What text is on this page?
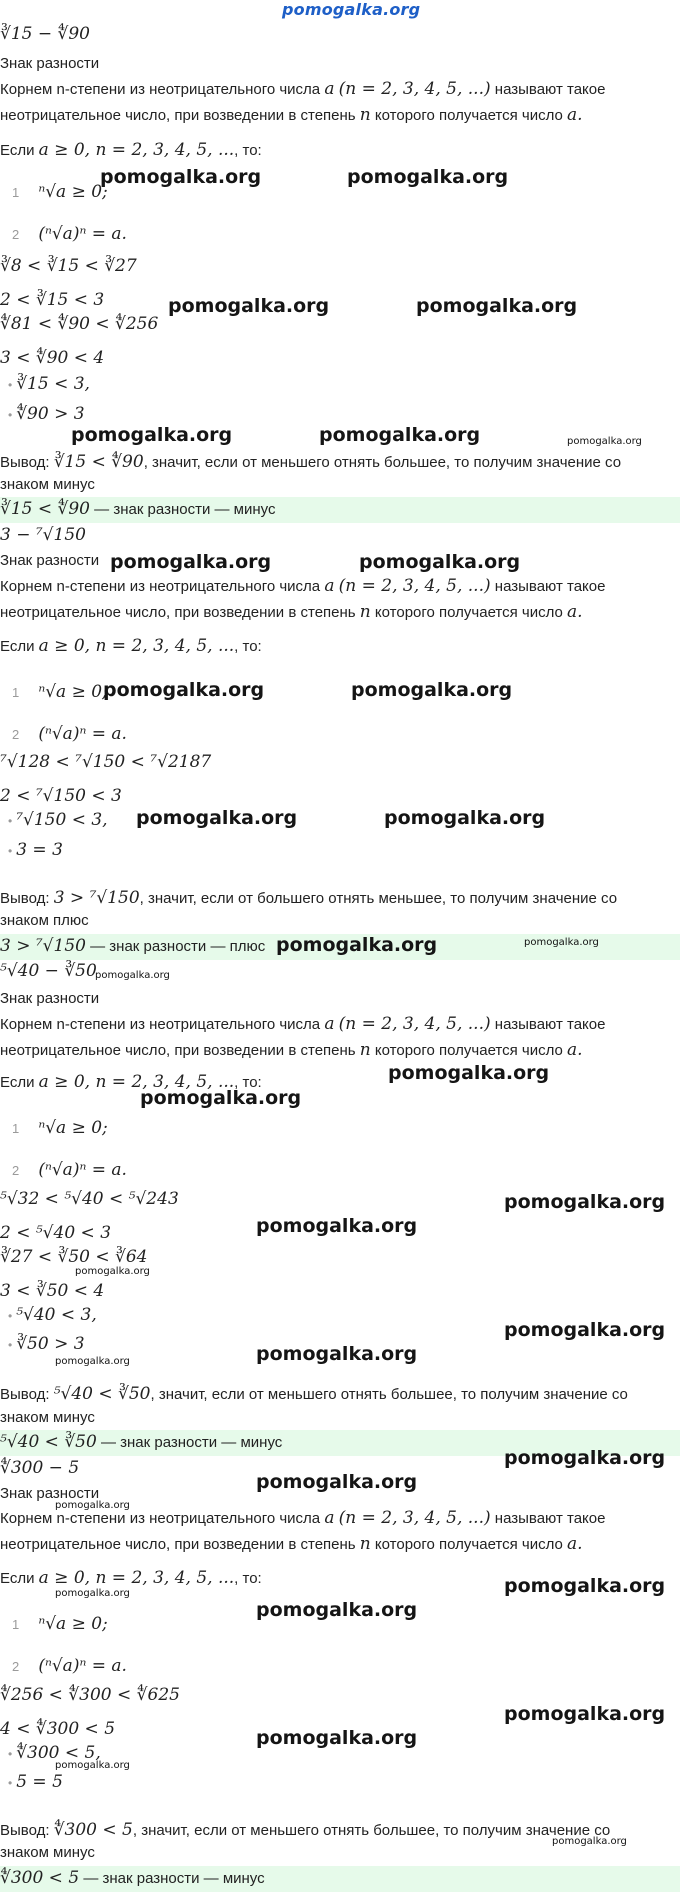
pomogalka.org
∛15 − ∜90
Знак разности
Корнем n-степени из неотрицательного числа a (n = 2, 3, 4, 5, ...) называют такое
неотрицательное число, при возведении в степень n которого получается число a.
Если a ≥ 0, n = 2, 3, 4, 5, ..., то:
1 ⁿ√a ≥ 0;
2 (ⁿ√a)ⁿ = a.
∛8 < ∛15 < ∛27
2 < ∛15 < 3
∜81 < ∜90 < ∜256
3 < ∜90 < 4
• ∛15 < 3,
• ∜90 > 3
Вывод: ∛15 < ∜90, значит, если от меньшего отнять большее, то получим значение со
знаком минус
∛15 < ∜90 — знак разности — минус
3 − ⁷√150
Знак разности
Корнем n-степени из неотрицательного числа a (n = 2, 3, 4, 5, ...) называют такое
неотрицательное число, при возведении в степень n которого получается число a.
Если a ≥ 0, n = 2, 3, 4, 5, ..., то:
1 ⁿ√a ≥ 0;
2 (ⁿ√a)ⁿ = a.
⁷√128 < ⁷√150 < ⁷√2187
2 < ⁷√150 < 3
• ⁷√150 < 3,
• 3 = 3
Вывод: 3 > ⁷√150, значит, если от большего отнять меньшее, то получим значение со
знаком плюс
3 > ⁷√150 — знак разности — плюс
⁵√40 − ∛50
Знак разности
Корнем n-степени из неотрицательного числа a (n = 2, 3, 4, 5, ...) называют такое
неотрицательное число, при возведении в степень n которого получается число a.
Если a ≥ 0, n = 2, 3, 4, 5, ..., то:
1 ⁿ√a ≥ 0;
2 (ⁿ√a)ⁿ = a.
⁵√32 < ⁵√40 < ⁵√243
2 < ⁵√40 < 3
∛27 < ∛50 < ∛64
3 < ∛50 < 4
• ⁵√40 < 3,
• ∛50 > 3
Вывод: ⁵√40 < ∛50, значит, если от меньшего отнять большее, то получим значение со
знаком минус
⁵√40 < ∛50 — знак разности — минус
∜300 − 5
Знак разности
Корнем n-степени из неотрицательного числа a (n = 2, 3, 4, 5, ...) называют такое
неотрицательное число, при возведении в степень n которого получается число a.
Если a ≥ 0, n = 2, 3, 4, 5, ..., то:
1 ⁿ√a ≥ 0;
2 (ⁿ√a)ⁿ = a.
∜256 < ∜300 < ∜625
4 < ∜300 < 5
• ∜300 < 5,
• 5 = 5
Вывод: ∜300 < 5, значит, если от меньшего отнять большее, то получим значение со
знаком минус
∜300 < 5 — знак разности — минус
pomogalka.org	pomogalka.org
pomogalka.org	pomogalka.org
pomogalka.org	pomogalka.org	pomogalka.org
pomogalka.org	pomogalka.org
pomogalka.org	pomogalka.org
pomogalka.org	pomogalka.org
pomogalka.org	pomogalka.org
pomogalka.org
pomogalka.org
pomogalka.org
pomogalka.org
pomogalka.org
pomogalka.org
pomogalka.org
pomogalka.org
pomogalka.org
pomogalka.org
pomogalka.org
pomogalka.org
pomogalka.org	pomogalka.org
pomogalka.org
pomogalka.org
pomogalka.org
pomogalka.org
pomogalka.org
